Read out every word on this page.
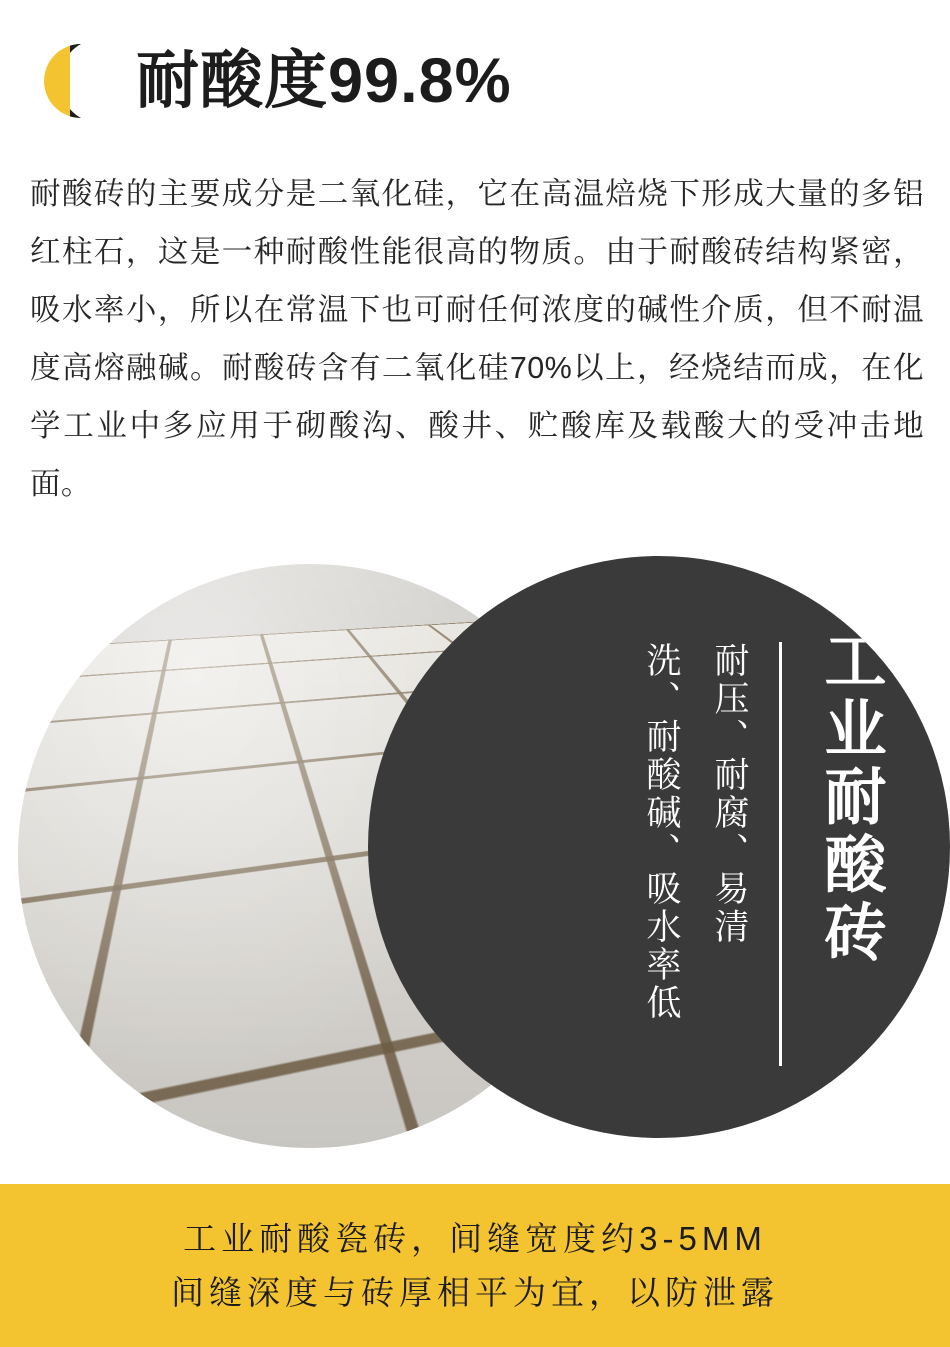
耐酸度99.8%
耐酸砖的主要成分是二氧化硅，它在高温焙烧下形成大量的多铝红柱石，这是一种耐酸性能很高的物质。由于耐酸砖结构紧密，吸水率小，所以在常温下也可耐任何浓度的碱性介质，但不耐温度高熔融碱。耐酸砖含有二氧化硅70%以上，经烧结而成，在化学工业中多应用于砌酸沟、酸井、贮酸库及载酸大的受冲击地面。
工业耐酸砖
耐压、耐腐、易清
洗、耐酸碱、吸水率低
工业耐酸瓷砖，间缝宽度约3-5MM
间缝深度与砖厚相平为宜，以防泄露
